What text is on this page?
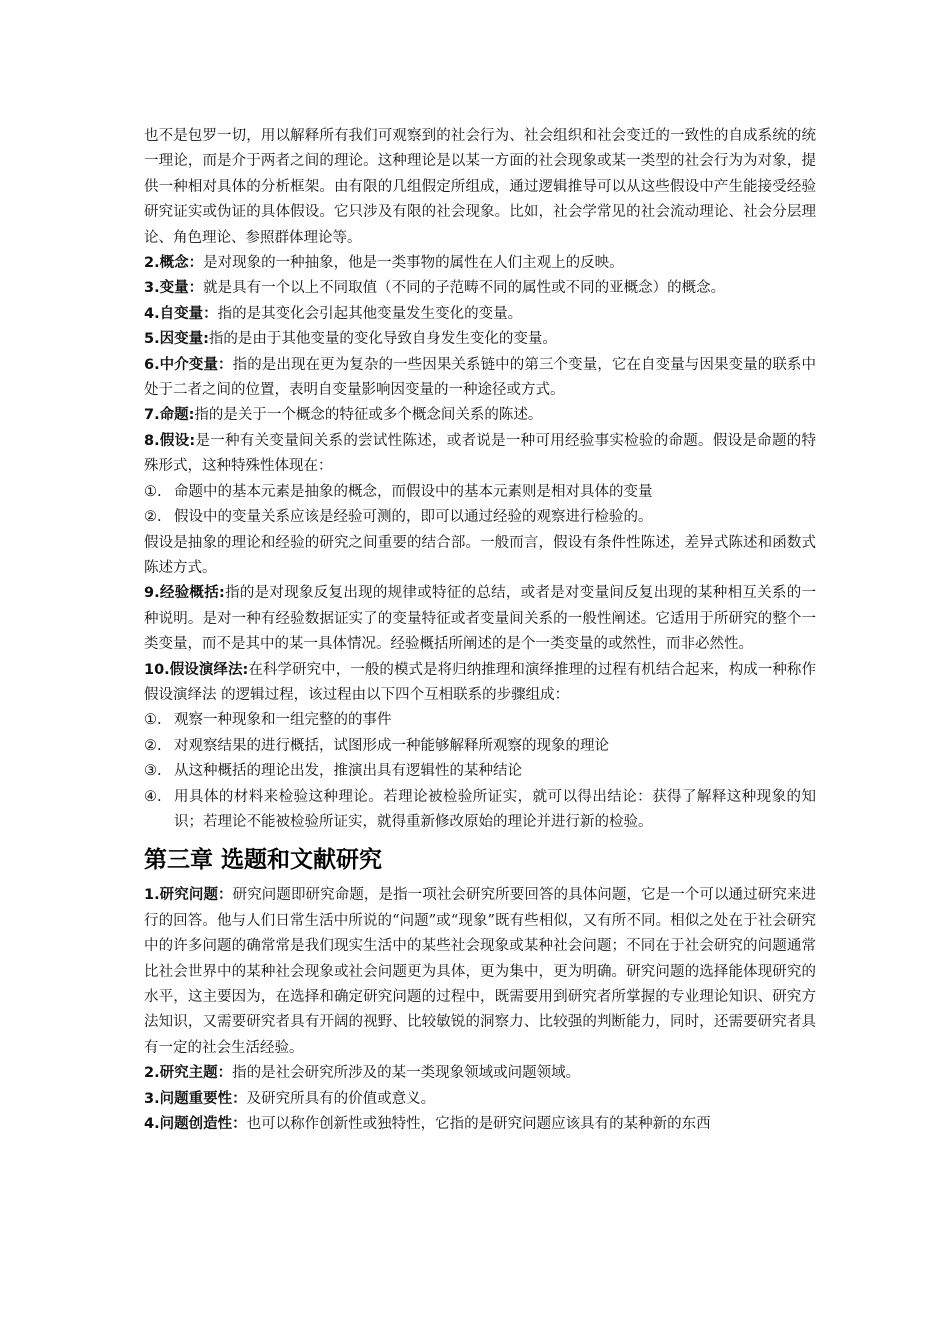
也不是包罗一切，用以解释所有我们可观察到的社会行为、社会组织和社会变迁的一致性的自成系统的统一理论，而是介于两者之间的理论。这种理论是以某一方面的社会现象或某一类型的社会行为为对象，提供一种相对具体的分析框架。由有限的几组假定所组成，通过逻辑推导可以从这些假设中产生能接受经验研究证实或伪证的具体假设。它只涉及有限的社会现象。比如，社会学常见的社会流动理论、社会分层理论、角色理论、参照群体理论等。

2.概念：是对现象的一种抽象，他是一类事物的属性在人们主观上的反映。

3.变量：就是具有一个以上不同取值（不同的子范畴不同的属性或不同的亚概念）的概念。

4.自变量：指的是其变化会引起其他变量发生变化的变量。

5.因变量:指的是由于其他变量的变化导致自身发生变化的变量。

6.中介变量：指的是出现在更为复杂的一些因果关系链中的第三个变量，它在自变量与因果变量的联系中处于二者之间的位置，表明自变量影响因变量的一种途径或方式。

7.命题:指的是关于一个概念的特征或多个概念间关系的陈述。

8.假设:是一种有关变量间关系的尝试性陈述，或者说是一种可用经验事实检验的命题。假设是命题的特殊形式，这种特殊性体现在：

①. 命题中的基本元素是抽象的概念，而假设中的基本元素则是相对具体的变量
②. 假设中的变量关系应该是经验可测的，即可以通过经验的观察进行检验的。

假设是抽象的理论和经验的研究之间重要的结合部。一般而言，假设有条件性陈述，差异式陈述和函数式陈述方式。

9.经验概括:指的是对现象反复出现的规律或特征的总结，或者是对变量间反复出现的某种相互关系的一种说明。是对一种有经验数据证实了的变量特征或者变量间关系的一般性阐述。它适用于所研究的整个一类变量，而不是其中的某一具体情况。经验概括所阐述的是个一类变量的或然性，而非必然性。

10.假设演绎法:在科学研究中，一般的模式是将归纳推理和演绎推理的过程有机结合起来，构成一种称作 假设演绎法 的逻辑过程，该过程由以下四个互相联系的步骤组成：

①. 观察一种现象和一组完整的的事件
②. 对观察结果的进行概括，试图形成一种能够解释所观察的现象的理论
③. 从这种概括的理论出发，推演出具有逻辑性的某种结论
④. 用具体的材料来检验这种理论。若理论被检验所证实，就可以得出结论：获得了解释这种现象的知识；若理论不能被检验所证实，就得重新修改原始的理论并进行新的检验。
第三章 选题和文献研究

1.研究问题：研究问题即研究命题，是指一项社会研究所要回答的具体问题，它是一个可以通过研究来进行的回答。他与人们日常生活中所说的“问题”或“现象”既有些相似，又有所不同。相似之处在于社会研究中的许多问题的确常常是我们现实生活中的某些社会现象或某种社会问题；不同在于社会研究的问题通常比社会世界中的某种社会现象或社会问题更为具体，更为集中，更为明确。研究问题的选择能体现研究的水平，这主要因为，在选择和确定研究问题的过程中，既需要用到研究者所掌握的专业理论知识、研究方法知识，又需要研究者具有开阔的视野、比较敏锐的洞察力、比较强的判断能力，同时，还需要研究者具有一定的社会生活经验。

2.研究主题：指的是社会研究所涉及的某一类现象领域或问题领域。

3.问题重要性：及研究所具有的价值或意义。

4.问题创造性：也可以称作创新性或独特性，它指的是研究问题应该具有的某种新的东西
